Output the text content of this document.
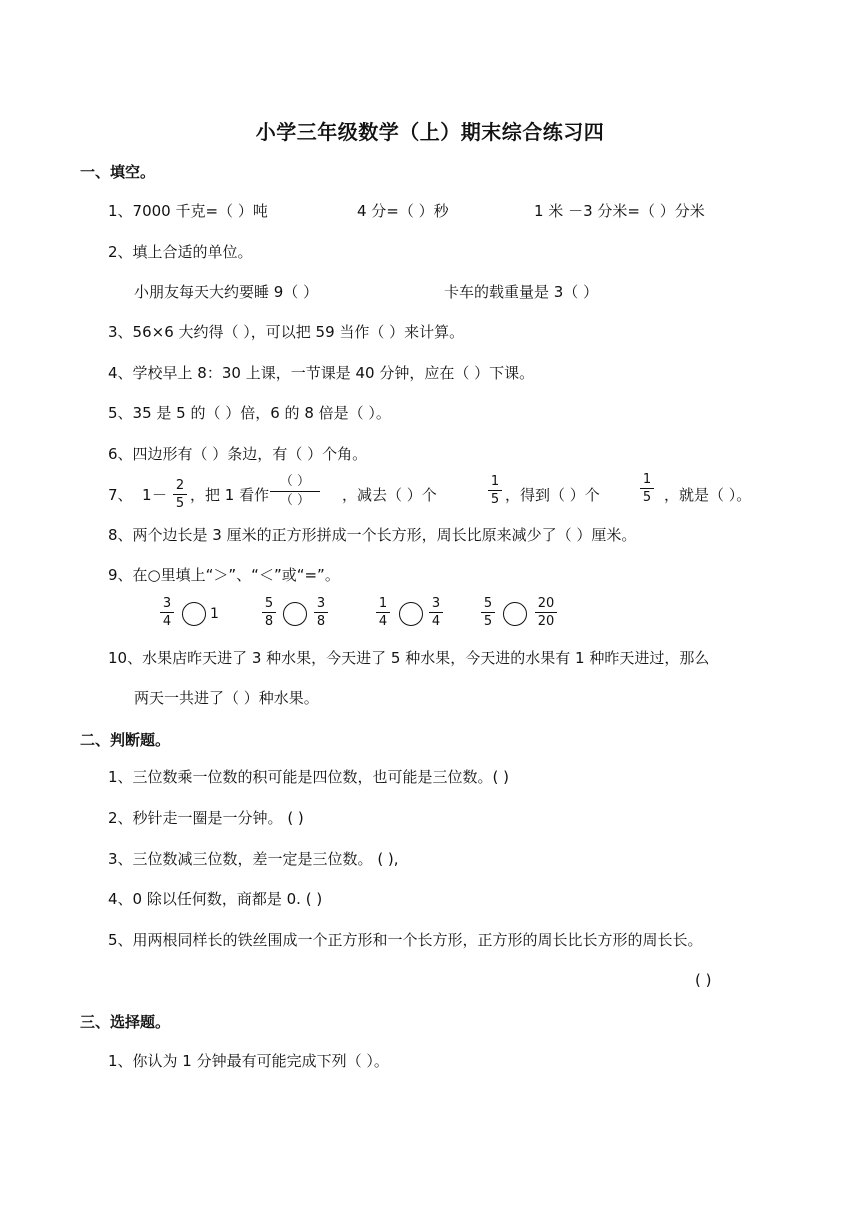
小学三年级数学（上）期末综合练习四
一、填空。
1、7000 千克=（ ）吨	4 分=（ ）秒	1 米 －3 分米=（ ）分米
2、填上合适的单位。
小朋友每天大约要睡 9（ ）	卡车的载重量是 3（ ）
3、56×6 大约得（ ），可以把 59 当作（ ）来计算。
4、学校早上 8：30 上课，一节课是 40 分钟，应在（ ）下课。
5、35 是 5 的（ ）倍，6 的 8 倍是（ ）。
6、四边形有（ ）条边，有（ ）个角。
7、 1 －
2
5 ，把 1 看作
（ ）
（ ） ，减去（ ）个
1
5 ，得到（ ）个
1
5 ，就是（ ）。
8、两个边长是 3 厘米的正方形拼成一个长方形，周长比原来减少了（ ）厘米。
9、在○里填上“＞”、“＜”或“=”。
3
4	1
5
8
3
8
1
4
3
4
5
5
20
20
10、水果店昨天进了 3 种水果，今天进了 5 种水果，今天进的水果有 1 种昨天进过，那么
两天一共进了（ ）种水果。
二、判断题。
1、三位数乘一位数的积可能是四位数，也可能是三位数。( )
2、秒针走一圈是一分钟。 ( )
3、三位数减三位数，差一定是三位数。 ( ),
4、0 除以任何数，商都是 0. ( )
5、用两根同样长的铁丝围成一个正方形和一个长方形，正方形的周长比长方形的周长长。
( )
三、选择题。
1、你认为 1 分钟最有可能完成下列（ ）。
